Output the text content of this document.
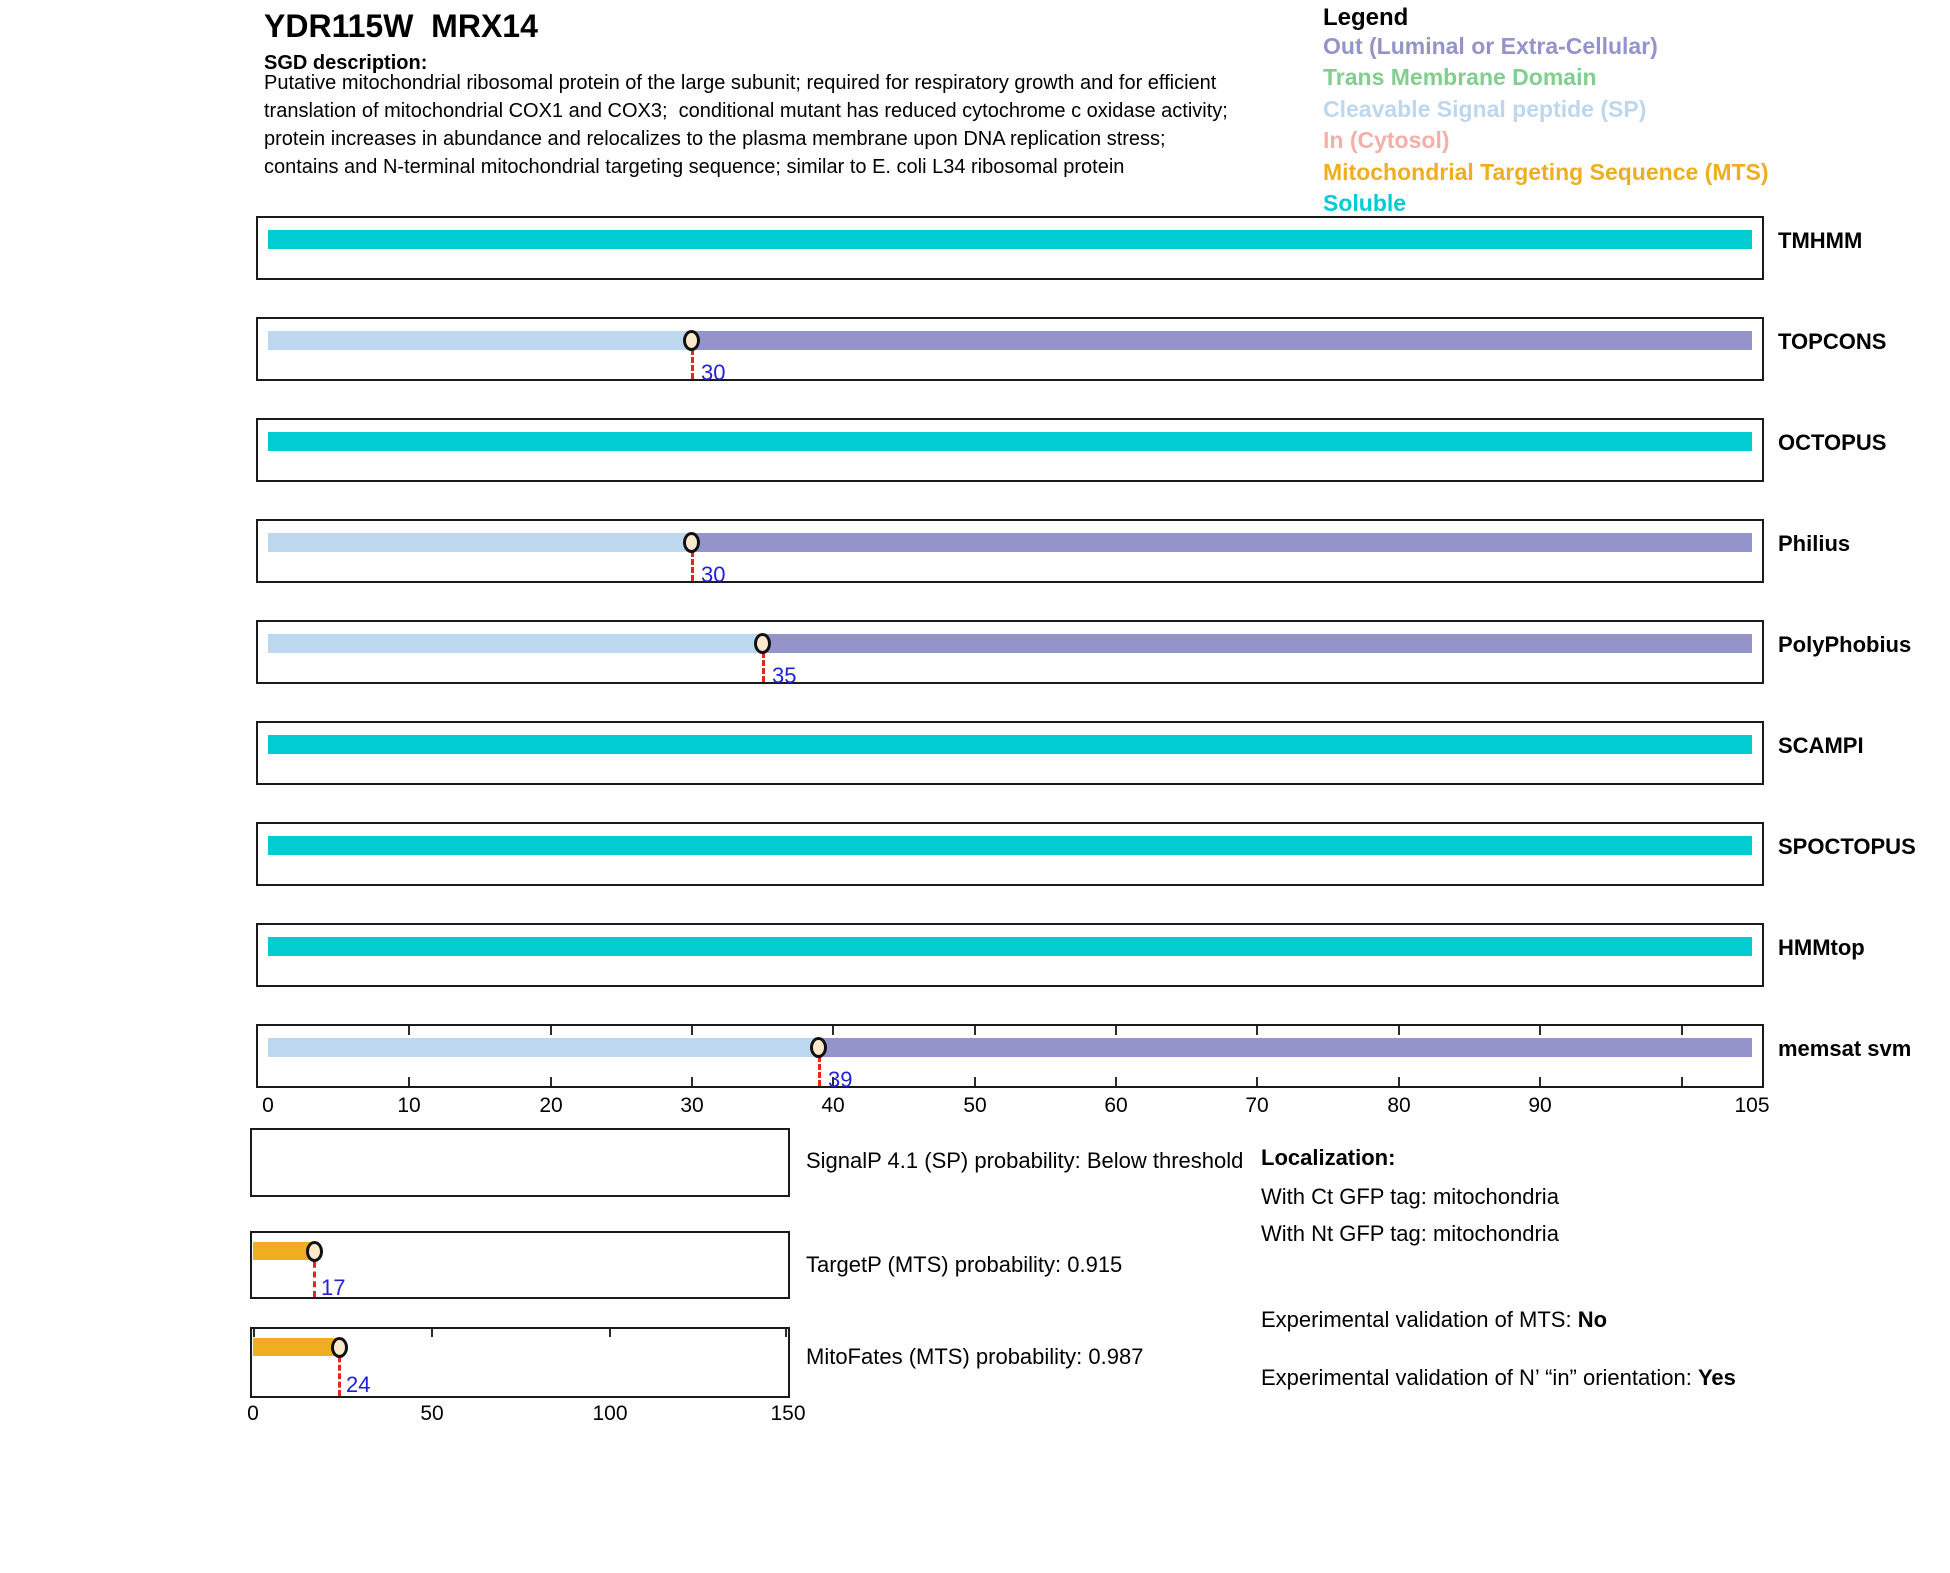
YDR115W  MRX14
SGD description:
Putative mitochondrial ribosomal protein of the large subunit; required for respiratory growth and for efficient
translation of mitochondrial COX1 and COX3;  conditional mutant has reduced cytochrome c oxidase activity;
protein increases in abundance and relocalizes to the plasma membrane upon DNA replication stress;
contains and N-terminal mitochondrial targeting sequence; similar to E. coli L34 ribosomal protein
Legend
Out (Luminal or Extra-Cellular)
Trans Membrane Domain
Cleavable Signal peptide (SP)
In (Cytosol)
Mitochondrial Targeting Sequence (MTS)
Soluble
TMHMM
30
TOPCONS
OCTOPUS
30
Philius
35
PolyPhobius
SCAMPI
SPOCTOPUS
HMMtop
39
memsat svm
0	10	20	30	40	50	60	70	80	90	105
SignalP 4.1 (SP) probability: Below threshold
17
TargetP (MTS) probability: 0.915
24
MitoFates (MTS) probability: 0.987
0	50	100	150
Localization:
With Ct GFP tag: mitochondria
With Nt GFP tag: mitochondria
Experimental validation of MTS: No
Experimental validation of N’ “in” orientation: Yes
